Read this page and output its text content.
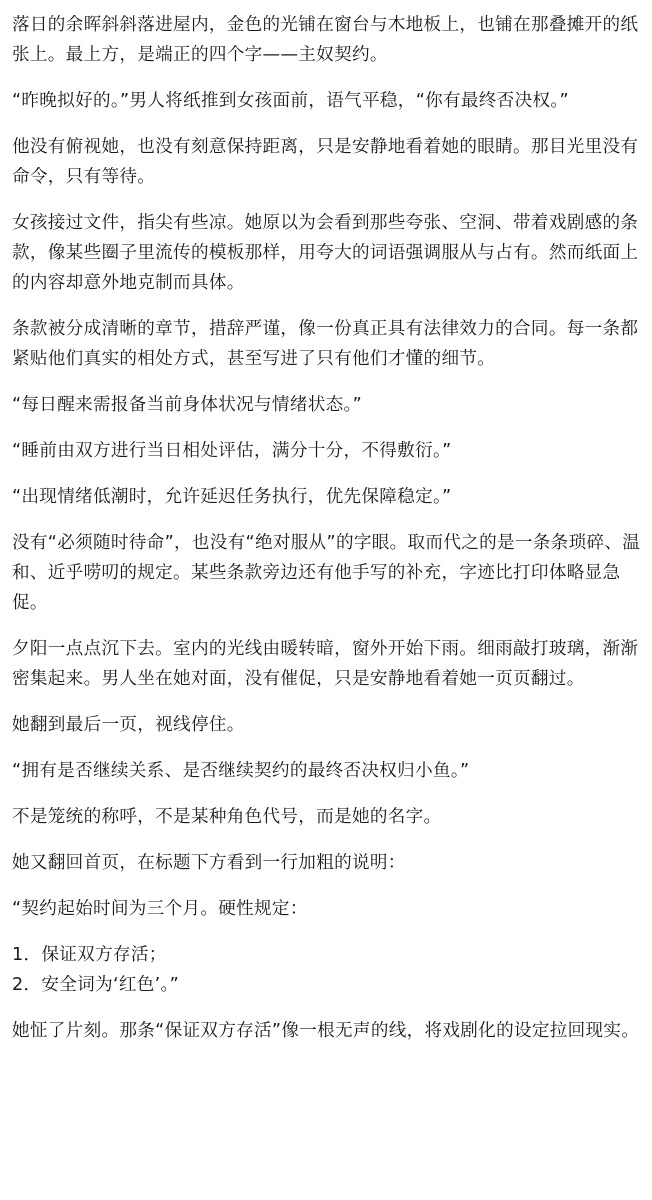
落日的余晖斜斜落进屋内，金色的光铺在窗台与木地板上，也铺在那叠摊开的纸张上。最上方，是端正的四个字——主奴契约。

“昨晚拟好的。”男人将纸推到女孩面前，语气平稳，“你有最终否决权。”

他没有俯视她，也没有刻意保持距离，只是安静地看着她的眼睛。那目光里没有命令，只有等待。

女孩接过文件，指尖有些凉。她原以为会看到那些夸张、空洞、带着戏剧感的条款，像某些圈子里流传的模板那样，用夸大的词语强调服从与占有。然而纸面上的内容却意外地克制而具体。

条款被分成清晰的章节，措辞严谨，像一份真正具有法律效力的合同。每一条都紧贴他们真实的相处方式，甚至写进了只有他们才懂的细节。

“每日醒来需报备当前身体状况与情绪状态。”

“睡前由双方进行当日相处评估，满分十分，不得敷衍。”

“出现情绪低潮时，允许延迟任务执行，优先保障稳定。”

没有“必须随时待命”，也没有“绝对服从”的字眼。取而代之的是一条条琐碎、温和、近乎唠叨的规定。某些条款旁边还有他手写的补充，字迹比打印体略显急促。

夕阳一点点沉下去。室内的光线由暖转暗，窗外开始下雨。细雨敲打玻璃，渐渐密集起来。男人坐在她对面，没有催促，只是安静地看着她一页页翻过。

她翻到最后一页，视线停住。

“拥有是否继续关系、是否继续契约的最终否决权归小鱼。”

不是笼统的称呼，不是某种角色代号，而是她的名字。

她又翻回首页，在标题下方看到一行加粗的说明：

“契约起始时间为三个月。硬性规定：

1．保证双方存活；
2．安全词为‘红色’。”

她怔了片刻。那条“保证双方存活”像一根无声的线，将戏剧化的设定拉回现实。
